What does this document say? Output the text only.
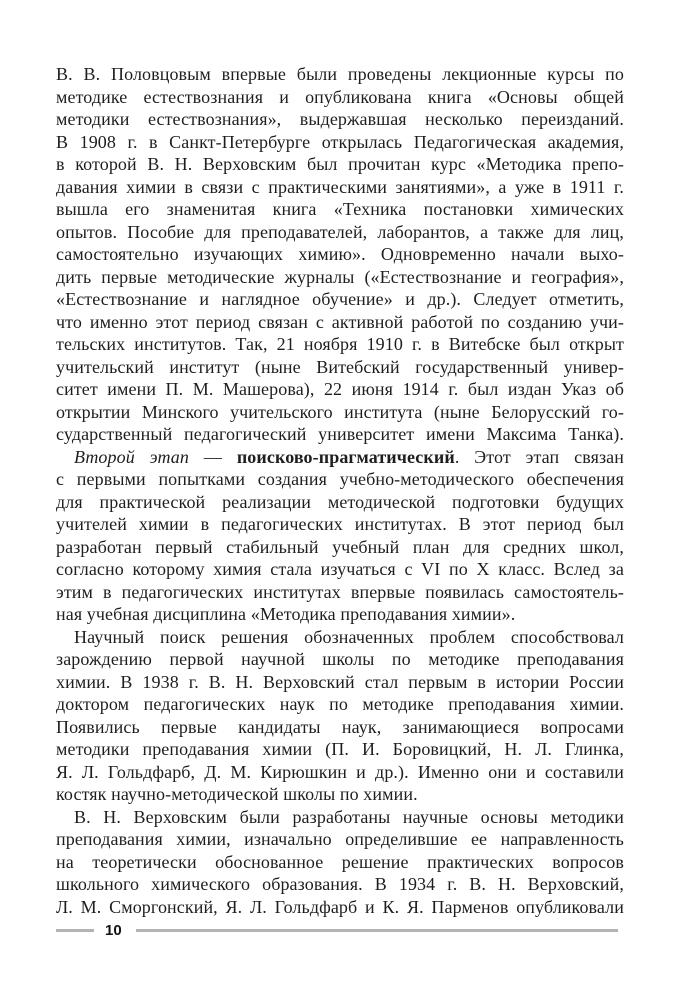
В. В. Половцовым впервые были проведены лекционные курсы по
методике естествознания и опубликована книга «Основы общей
методики естествознания», выдержавшая несколько переизданий.
В 1908 г. в Санкт-Петербурге открылась Педагогическая академия,
в которой В. Н. Верховским был прочитан курс «Методика препо-
давания химии в связи с практическими занятиями», а уже в 1911 г.
вышла его знаменитая книга «Техника постановки химических
опытов. Пособие для преподавателей, лаборантов, а также для лиц,
самостоятельно изучающих химию». Одновременно начали выхо-
дить первые методические журналы («Естествознание и география»,
«Естествознание и наглядное обучение» и др.). Следует отметить,
что именно этот период связан с активной работой по созданию учи-
тельских институтов. Так, 21 ноября 1910 г. в Витебске был открыт
учительский институт (ныне Витебский государственный универ-
ситет имени П. М. Машерова), 22 июня 1914 г. был издан Указ об
открытии Минского учительского института (ныне Белорусский го-
сударственный педагогический университет имени Максима Танка).
Второй этап — поисково-прагматический. Этот этап связан
с первыми попытками создания учебно-методического обеспечения
для практической реализации методической подготовки будущих
учителей химии в педагогических институтах. В этот период был
разработан первый стабильный учебный план для средних школ,
согласно которому химия стала изучаться с VI по X класс. Вслед за
этим в педагогических институтах впервые появилась самостоятель-
ная учебная дисциплина «Методика преподавания химии».
Научный поиск решения обозначенных проблем способствовал
зарождению первой научной школы по методике преподавания
химии. В 1938 г. В. Н. Верховский стал первым в истории России
доктором педагогических наук по методике преподавания химии.
Появились первые кандидаты наук, занимающиеся вопросами
методики преподавания химии (П. И. Боровицкий, Н. Л. Глинка,
Я. Л. Гольдфарб, Д. М. Кирюшкин и др.). Именно они и составили
костяк научно-методической школы по химии.
В. Н. Верховским были разработаны научные основы методики
преподавания химии, изначально определившие ее направленность
на теоретически обоснованное решение практических вопросов
школьного химического образования. В 1934 г. В. Н. Верховский,
Л. М. Сморгонский, Я. Л. Гольдфарб и К. Я. Парменов опубликовали
10
